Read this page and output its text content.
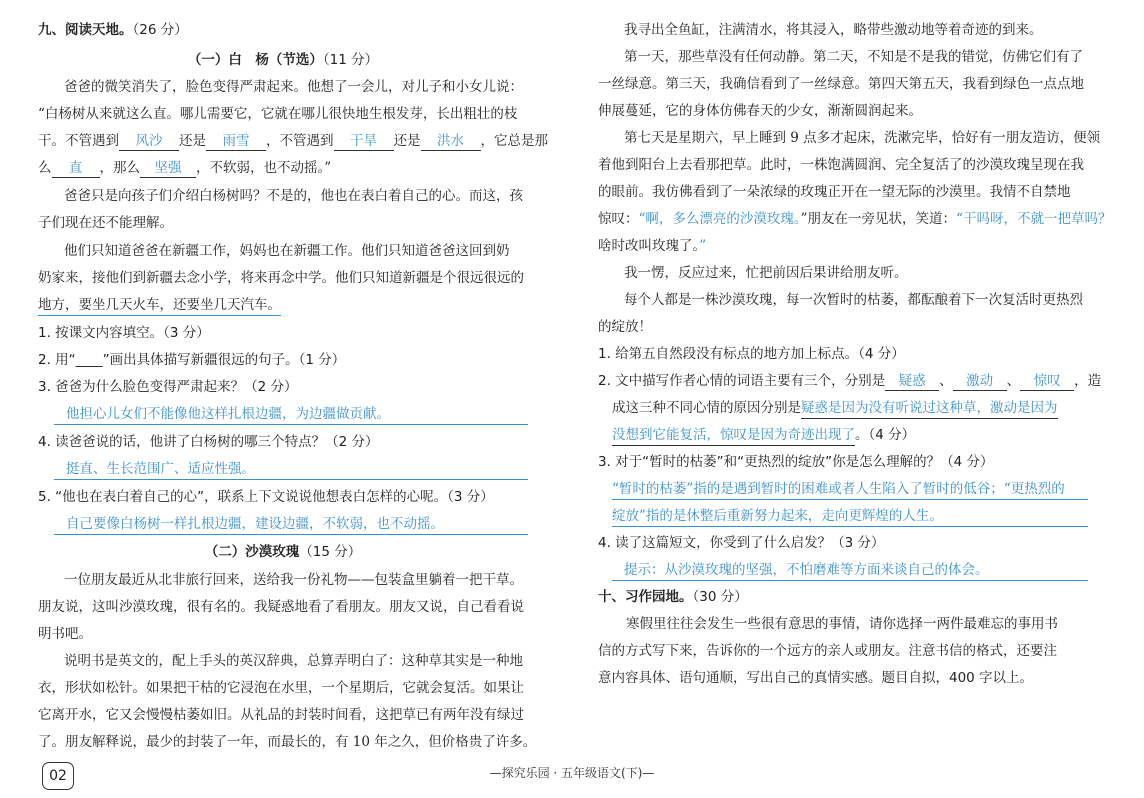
九、阅读天地。（26 分）
（一）白　杨（节选）（11 分）
爸爸的微笑消失了，脸色变得严肃起来。他想了一会儿，对儿子和小女儿说：
“白杨树从来就这么直。哪儿需要它，它就在哪儿很快地生根发芽，长出粗壮的枝
干。不管遇到 风沙 还是 雨雪 ，不管遇到 干旱 还是 洪水 ，它总是那
么 直 ，那么 坚强 ，不软弱，也不动摇。”
爸爸只是向孩子们介绍白杨树吗？不是的，他也在表白着自己的心。而这，孩
子们现在还不能理解。
他们只知道爸爸在新疆工作，妈妈也在新疆工作。他们只知道爸爸这回到奶
奶家来，接他们到新疆去念小学，将来再念中学。他们只知道新疆是个很远很远的
地方，要坐几天火车，还要坐几天汽车。
1. 按课文内容填空。（3 分）
2. 用“____”画出具体描写新疆很远的句子。（1 分）
3. 爸爸为什么脸色变得严肃起来？（2 分）
他担心儿女们不能像他这样扎根边疆，为边疆做贡献。
4. 读爸爸说的话，他讲了白杨树的哪三个特点？（2 分）
挺直、生长范围广、适应性强。
5. “他也在表白着自己的心”，联系上下文说说他想表白怎样的心呢。（3 分）
自己要像白杨树一样扎根边疆，建设边疆，不软弱，也不动摇。
（二）沙漠玫瑰（15 分）
一位朋友最近从北非旅行回来，送给我一份礼物——包装盒里躺着一把干草。
朋友说，这叫沙漠玫瑰，很有名的。我疑惑地看了看朋友。朋友又说，自己看看说
明书吧。
说明书是英文的，配上手头的英汉辞典，总算弄明白了：这种草其实是一种地
衣，形状如松针。如果把干枯的它浸泡在水里，一个星期后，它就会复活。如果让
它离开水，它又会慢慢枯萎如旧。从礼品的封装时间看，这把草已有两年没有绿过
了。朋友解释说，最少的封装了一年，而最长的，有 10 年之久，但价格贵了许多。
我寻出全鱼缸，注满清水，将其浸入，略带些激动地等着奇迹的到来。
第一天，那些草没有任何动静。第二天，不知是不是我的错觉，仿佛它们有了
一丝绿意。第三天，我确信看到了一丝绿意。第四天第五天，我看到绿色一点点地
伸展蔓延，它的身体仿佛春天的少女，渐渐圆润起来。
第七天是星期六，早上睡到 9 点多才起床，洗漱完毕，恰好有一朋友造访，便领
着他到阳台上去看那把草。此时，一株饱满圆润、完全复活了的沙漠玫瑰呈现在我
的眼前。我仿佛看到了一朵浓绿的玫瑰正开在一望无际的沙漠里。我情不自禁地
惊叹：“啊，多么漂亮的沙漠玫瑰。”朋友在一旁见状，笑道：“干吗呀，不就一把草吗？
啥时改叫玫瑰了。”
我一愣，反应过来，忙把前因后果讲给朋友听。
每个人都是一株沙漠玫瑰，每一次暂时的枯萎，都酝酿着下一次复活时更热烈
的绽放！
1. 给第五自然段没有标点的地方加上标点。（4 分）
2. 文中描写作者心情的词语主要有三个，分别是 疑惑 、 激动 、 惊叹 ，造
成这三种不同心情的原因分别是疑惑是因为没有听说过这种草，激动是因为
没想到它能复活，惊叹是因为奇迹出现了。（4 分）
3. 对于“暂时的枯萎”和“更热烈的绽放”你是怎么理解的？（4 分）
“暂时的枯萎”指的是遇到暂时的困难或者人生陷入了暂时的低谷；“更热烈的
绽放”指的是休整后重新努力起来，走向更辉煌的人生。
4. 读了这篇短文，你受到了什么启发？（3 分）
提示：从沙漠玫瑰的坚强，不怕磨难等方面来谈自己的体会。
十、习作园地。（30 分）
寒假里往往会发生一些很有意思的事情，请你选择一两件最难忘的事用书
信的方式写下来，告诉你的一个远方的亲人或朋友。注意书信的格式，还要注
意内容具体、语句通顺，写出自己的真情实感。题目自拟，400 字以上。
02	—探究乐园 · 五年级语文(下)—
